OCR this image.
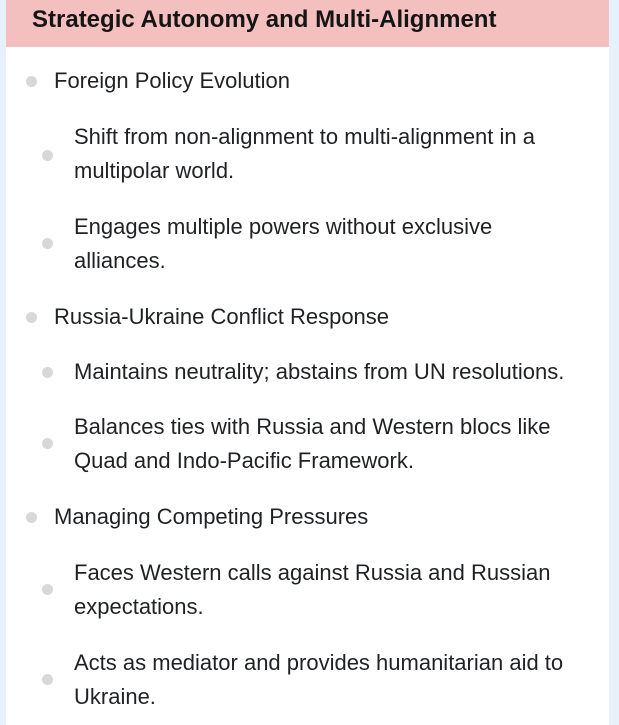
Strategic Autonomy and Multi-Alignment
Foreign Policy Evolution
Shift from non-alignment to multi-alignment in a
multipolar world.
Engages multiple powers without exclusive
alliances.
Russia-Ukraine Conflict Response
Maintains neutrality; abstains from UN resolutions.
Balances ties with Russia and Western blocs like
Quad and Indo-Pacific Framework.
Managing Competing Pressures
Faces Western calls against Russia and Russian
expectations.
Acts as mediator and provides humanitarian aid to
Ukraine.
